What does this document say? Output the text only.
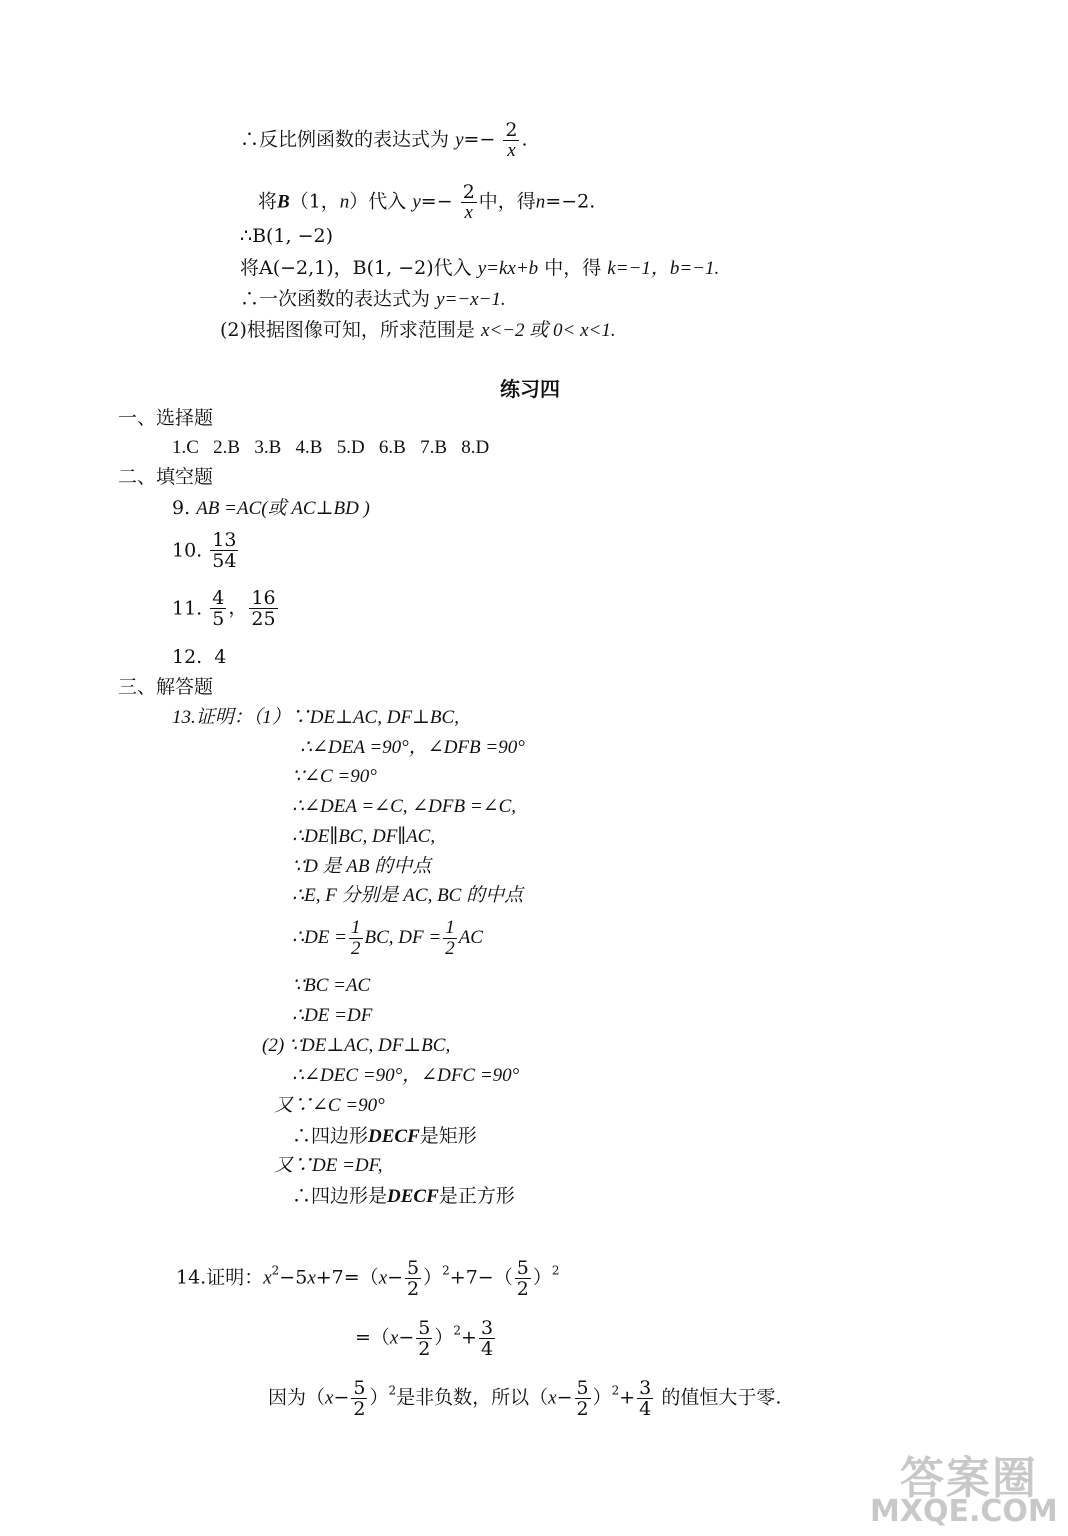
∴反比例函数的表达式为 $y=- \frac{2}{x}$ .
将B（1，n）代入 $y=- \frac{2}{x}$ 中，得n=−2.
∴B(1, −2)
将A(−2,1)，B(1, −2)代入 y=kx+b 中，得 k=−1，b=−1.
∴一次函数的表达式为 y=−x−1.
(2)根据图像可知，所求范围是 x<−2 或 0< x<1.
练习四
一、选择题
1.C   2.B   3.B   4.B   5.D   6.B   7.B   8.D
二、填空题
9. AB =AC(或 AC⊥BD )
10. $\frac{13}{54}$
11. $\frac{4}{5}$ ， $\frac{16}{25}$
12.  4
三、解答题
13.证明：（1）∵DE⊥AC, DF⊥BC,
∴∠DEA =90°，∠DFB =90°
∵∠C =90°
∴∠DEA =∠C, ∠DFB =∠C,
∴DE∥BC, DF∥AC,
∵D 是 AB 的中点
∴E, F 分别是 AC, BC 的中点
∴DE = $\frac{1}{2}$ BC, DF = $\frac{1}{2}$ AC
∵BC =AC
∴DE =DF
(2) ∵DE⊥AC, DF⊥BC,
∴∠DEC =90°，∠DFC =90°
又∵∠C =90°
∴四边形DECF是矩形
又∵DE =DF,
∴四边形是DECF是正方形
14.证明：$x^2-5x+7=(x- \frac{5}{2} )^2+7-( \frac{5}{2} )^2$
$=(x- \frac{5}{2} )^2+ \frac{3}{4}$
因为$(x- \frac{5}{2} )^2$是非负数，所以$(x- \frac{5}{2} )^2+ \frac{3}{4}$ 的值恒大于零.
答案圈
MXQE.COM
